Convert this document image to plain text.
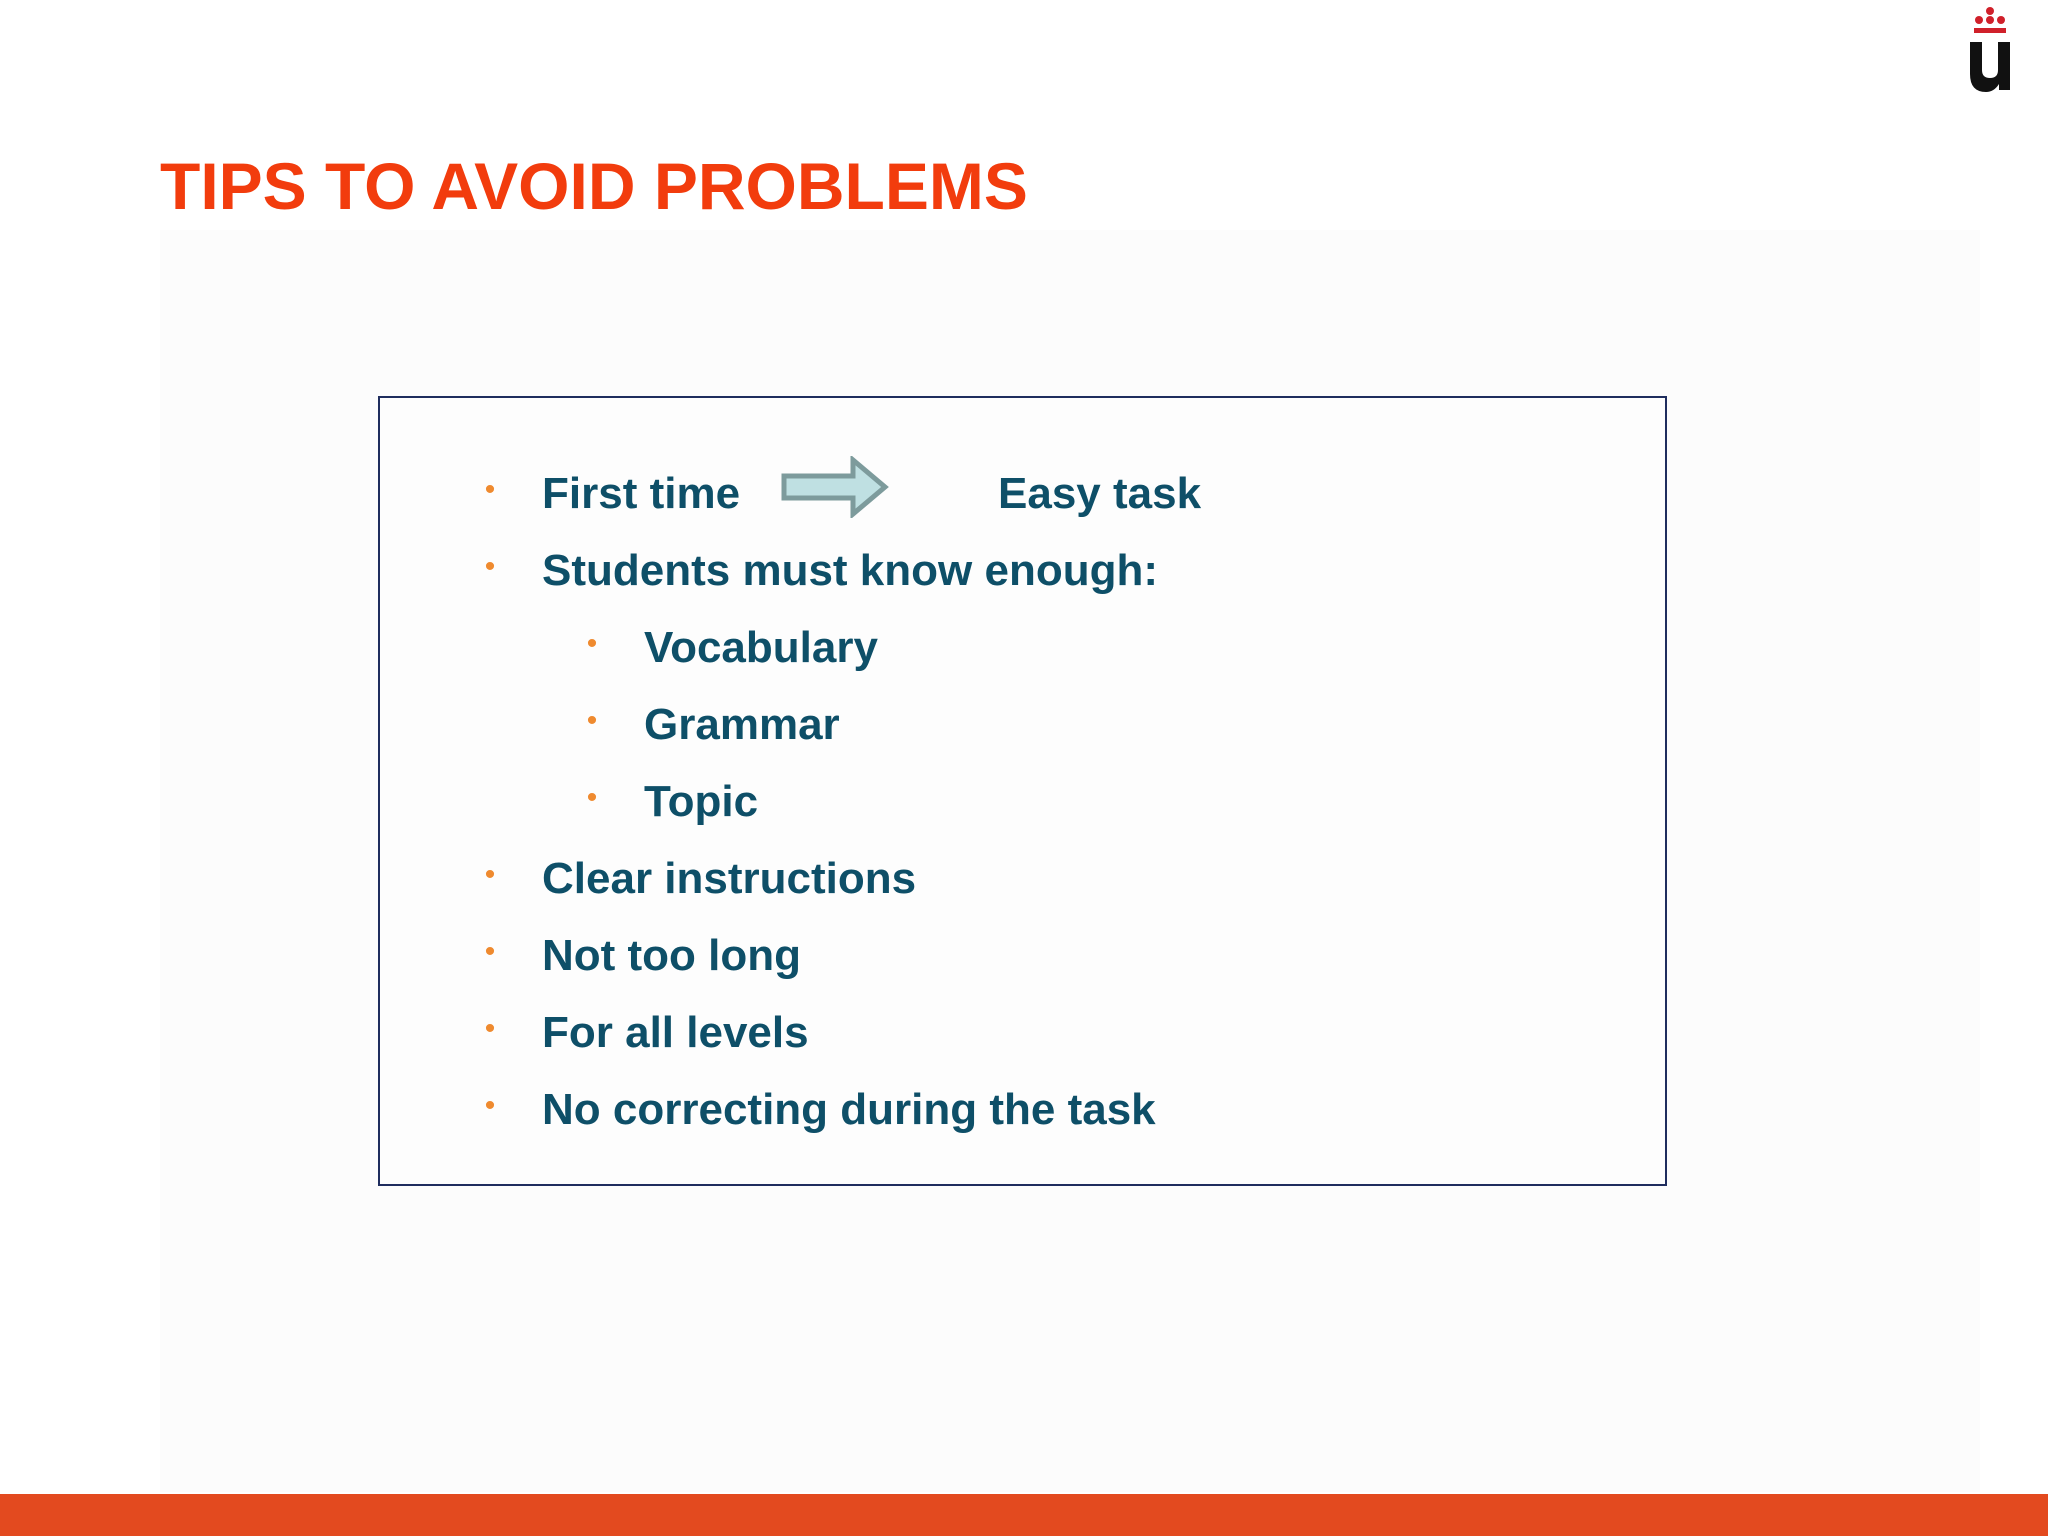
TIPS TO AVOID PROBLEMS
• First time	Easy task
• Students must know enough:
• Vocabulary
• Grammar
• Topic
• Clear instructions
• Not too long
• For all levels
• No correcting during the task
